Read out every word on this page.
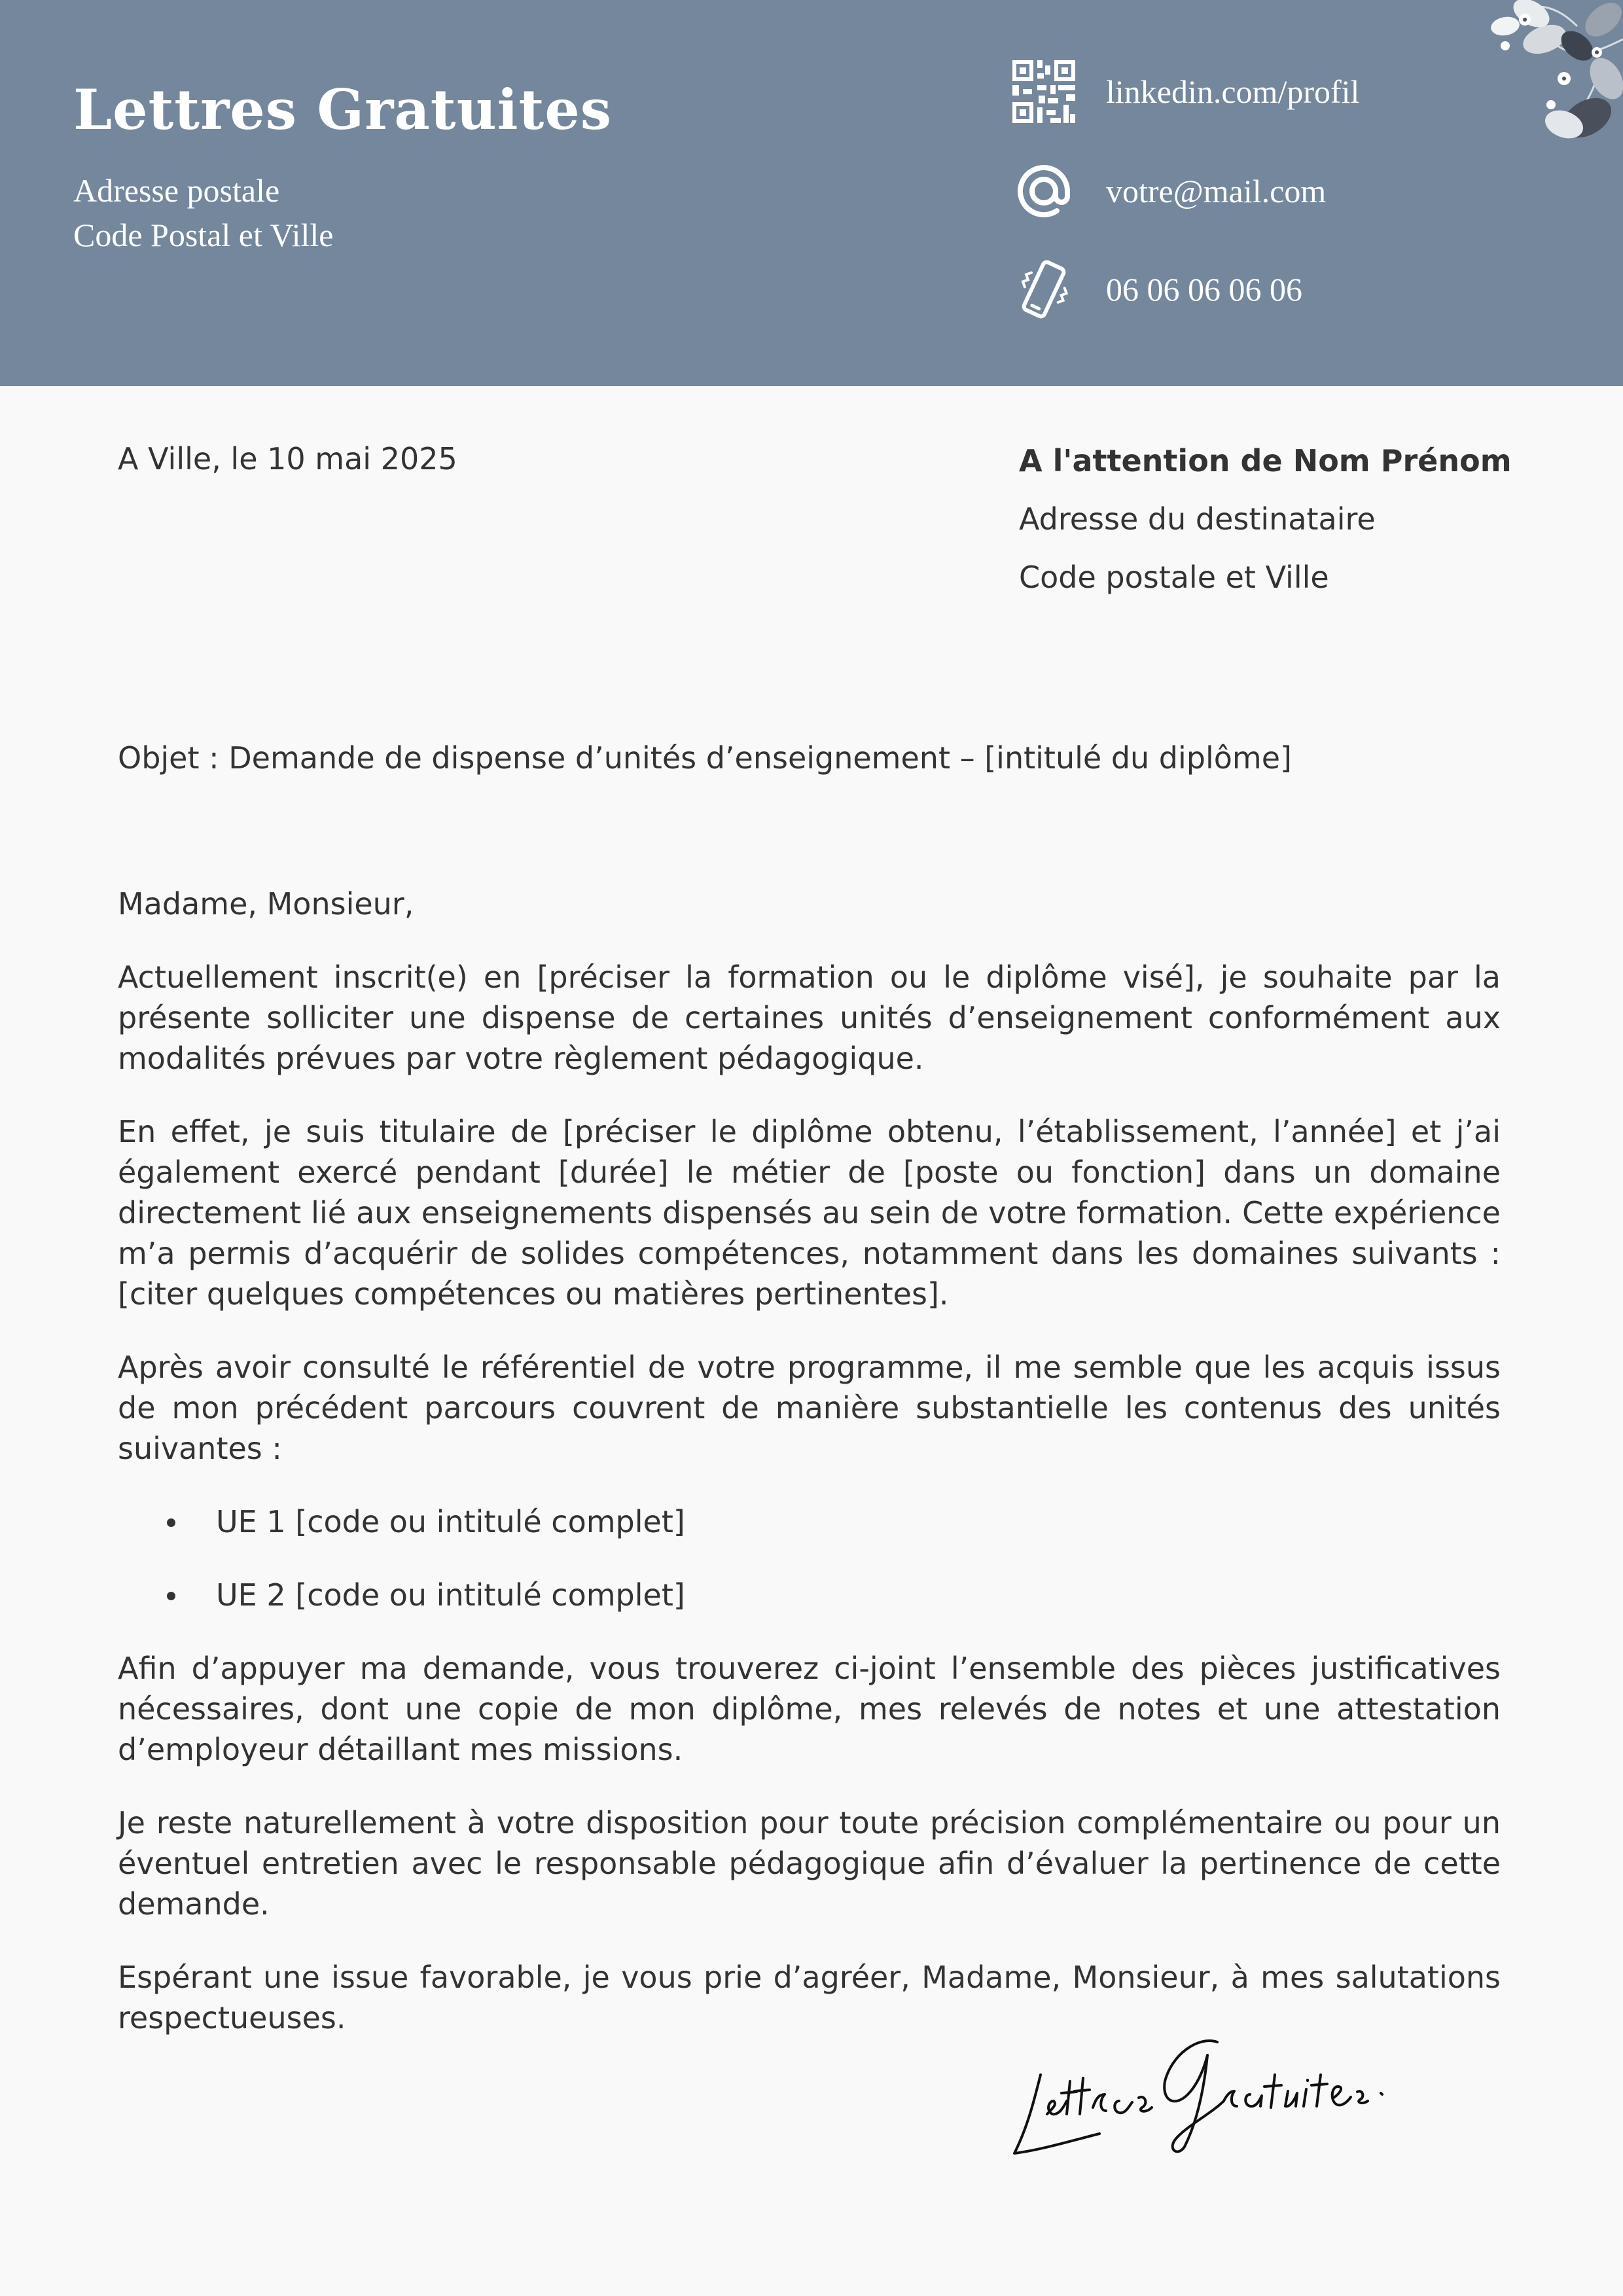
Lettres Gratuites
Adresse postale
Code Postal et Ville
linkedin.com/profil
votre@mail.com
06 06 06 06 06
A Ville, le 10 mai 2025	A l'attention de Nom Prénom
Adresse du destinataire
Code postale et Ville
Objet : Demande de dispense d’unités d’enseignement – [intitulé du diplôme]

Madame, Monsieur,

Actuellement inscrit(e) en [préciser la formation ou le diplôme visé], je souhaite par la présente solliciter une dispense de certaines unités d’enseignement conformément aux modalités prévues par votre règlement pédagogique.

En effet, je suis titulaire de [préciser le diplôme obtenu, l’établissement, l’année] et j’ai également exercé pendant [durée] le métier de [poste ou fonction] dans un domaine directement lié aux enseignements dispensés au sein de votre formation. Cette expérience m’a permis d’acquérir de solides compétences, notamment dans les domaines suivants : [citer quelques compétences ou matières pertinentes].

Après avoir consulté le référentiel de votre programme, il me semble que les acquis issus de mon précédent parcours couvrent de manière substantielle les contenus des unités suivantes :

UE 1 [code ou intitulé complet]
UE 2 [code ou intitulé complet]

Afin d’appuyer ma demande, vous trouverez ci-joint l’ensemble des pièces justificatives nécessaires, dont une copie de mon diplôme, mes relevés de notes et une attestation d’employeur détaillant mes missions.

Je reste naturellement à votre disposition pour toute précision complémentaire ou pour un éventuel entretien avec le responsable pédagogique afin d’évaluer la pertinence de cette demande.

Espérant une issue favorable, je vous prie d’agréer, Madame, Monsieur, à mes salutations respectueuses.
